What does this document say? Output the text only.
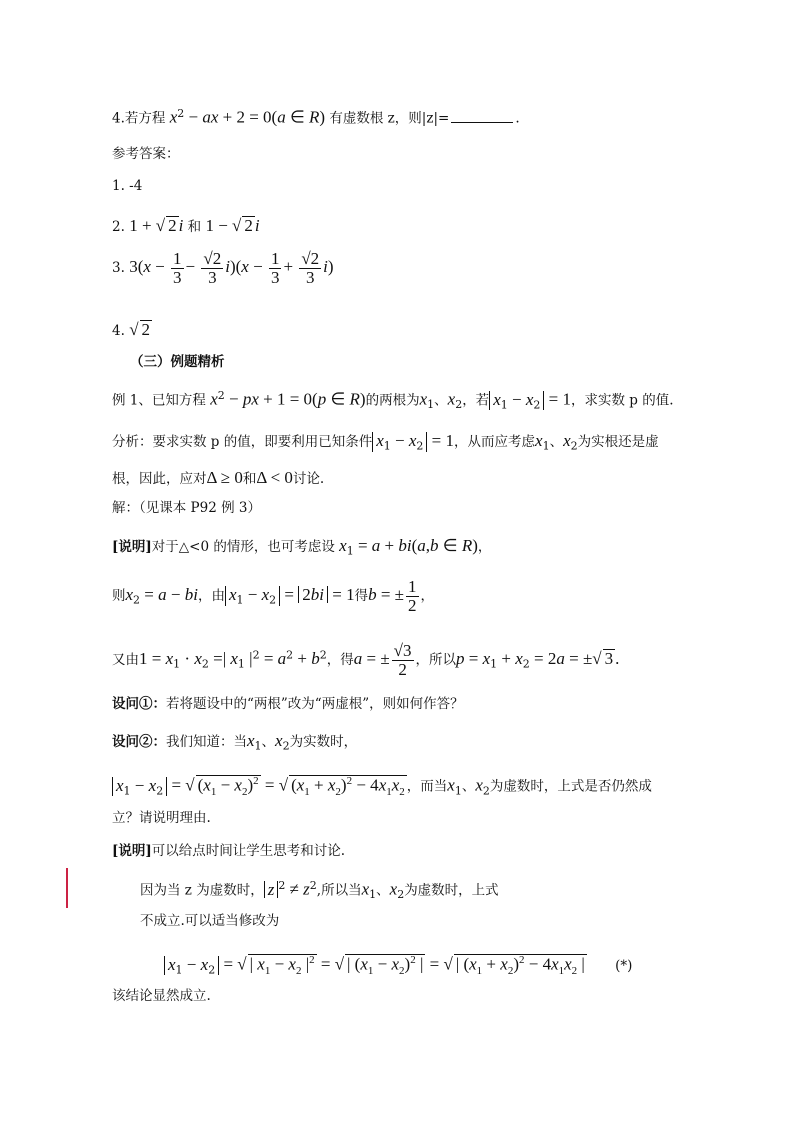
4.若方程 $x^2$ − ax + 2 = 0(a ∈ R) 有虚数根 z，则|z|=	.
参考答案：
1. -4
2. 1 + √ 2 i 和 1 − √ 2 i
3. $3(x - \frac{1}{3} - \frac{√2}{3} i)(x - \frac{1}{3} + \frac{√2}{3} i)$
4. √ 2
（三）例题精析
例 1、已知方程 $x^2$ − px + 1 = 0(p ∈ R)的两根为$x_1$、$x_2$，若 $x_1 - x_2 = 1$，求实数 p 的值.
分析：要求实数 p 的值，即要利用已知条件 $x_1 - x_2 = 1$，从而应考虑$x_1$、$x_2$为实根还是虚
根，因此，应对Δ ≥ 0和Δ < 0讨论.
解：（见课本 P92 例 3）
[说明]对于△<0 的情形，也可考虑设 $x_1 = a + bi(a,b$ ∈ R)，
则$x_2 = a$ − bi，由 $x_1 - x_2 = 2bi = 1$得b = ± $\frac{1}{2}$ ，
又由$1 = x_1 \cdot x_2$ =| $x_1$ $|^2 = a^2 + b^2$，得a = ± $\frac{√3}{2}$ ，所以$p = x_1 + x_2 = 2a$ = ±√ 3 .
设问①：若将题设中的“两根”改为“两虚根”，则如何作答？
设问②：我们知道：当$x_1$、$x_2$为实数时，
$x_1 - x_2$ = √ $(x_1 - x_2)^2$ = √ $(x_1 + x_2)^2 - 4x_1x_2$ ，而当$x_1$、$x_2$为虚数时，上式是否仍然成
立？请说明理由.
[说明]可以给点时间让学生思考和讨论.
因为当 z 为虚数时， z $^2 \ne z^2$,所以当$x_1$、$x_2$为虚数时，上式
不成立.可以适当修改为
$x_1 - x_2$ = √ | $x_1 - x_2$ $|^2$ = √ | $(x_1 - x_2)^2$ | = √ | $(x_1 + x_2)^2 - 4x_1x_2$ | (*)
该结论显然成立.
